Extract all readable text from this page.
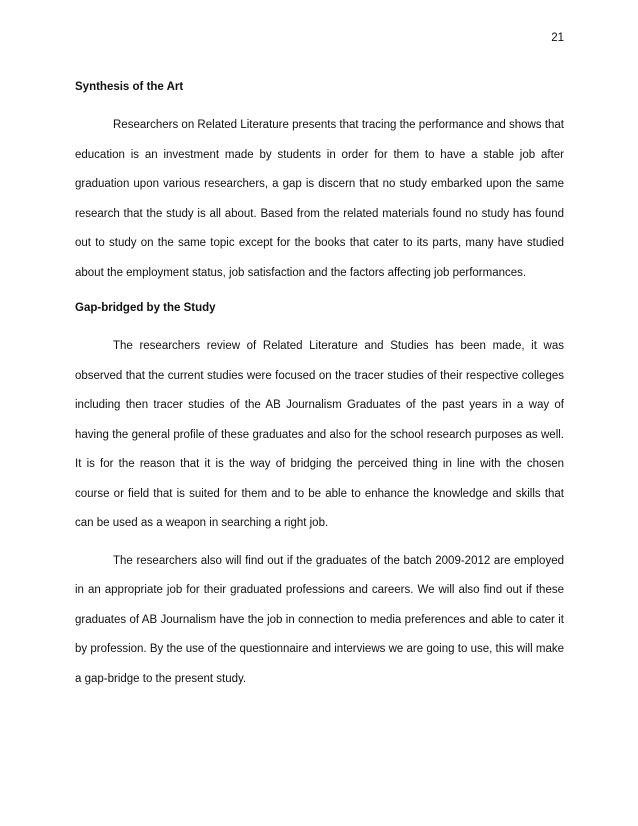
21

Synthesis of the Art

Researchers on Related Literature presents that tracing the performance and shows that education is an investment made by students in order for them to have a stable job after graduation upon various researchers, a gap is discern that no study embarked upon the same research that the study is all about. Based from the related materials found no study has found out to study on the same topic except for the books that cater to its parts, many have studied about the employment status, job satisfaction and the factors affecting job performances.

Gap-bridged by the Study

The researchers review of Related Literature and Studies has been made, it was observed that the current studies were focused on the tracer studies of their respective colleges including then tracer studies of the AB Journalism Graduates of the past years in a way of having the general profile of these graduates and also for the school research purposes as well. It is for the reason that it is the way of bridging the perceived thing in line with the chosen course or field that is suited for them and to be able to enhance the knowledge and skills that can be used as a weapon in searching a right job.

The researchers also will find out if the graduates of the batch 2009-2012 are employed in an appropriate job for their graduated professions and careers. We will also find out if these graduates of AB Journalism have the job in connection to media preferences and able to cater it by profession. By the use of the questionnaire and interviews we are going to use, this will make a gap-bridge to the present study.
